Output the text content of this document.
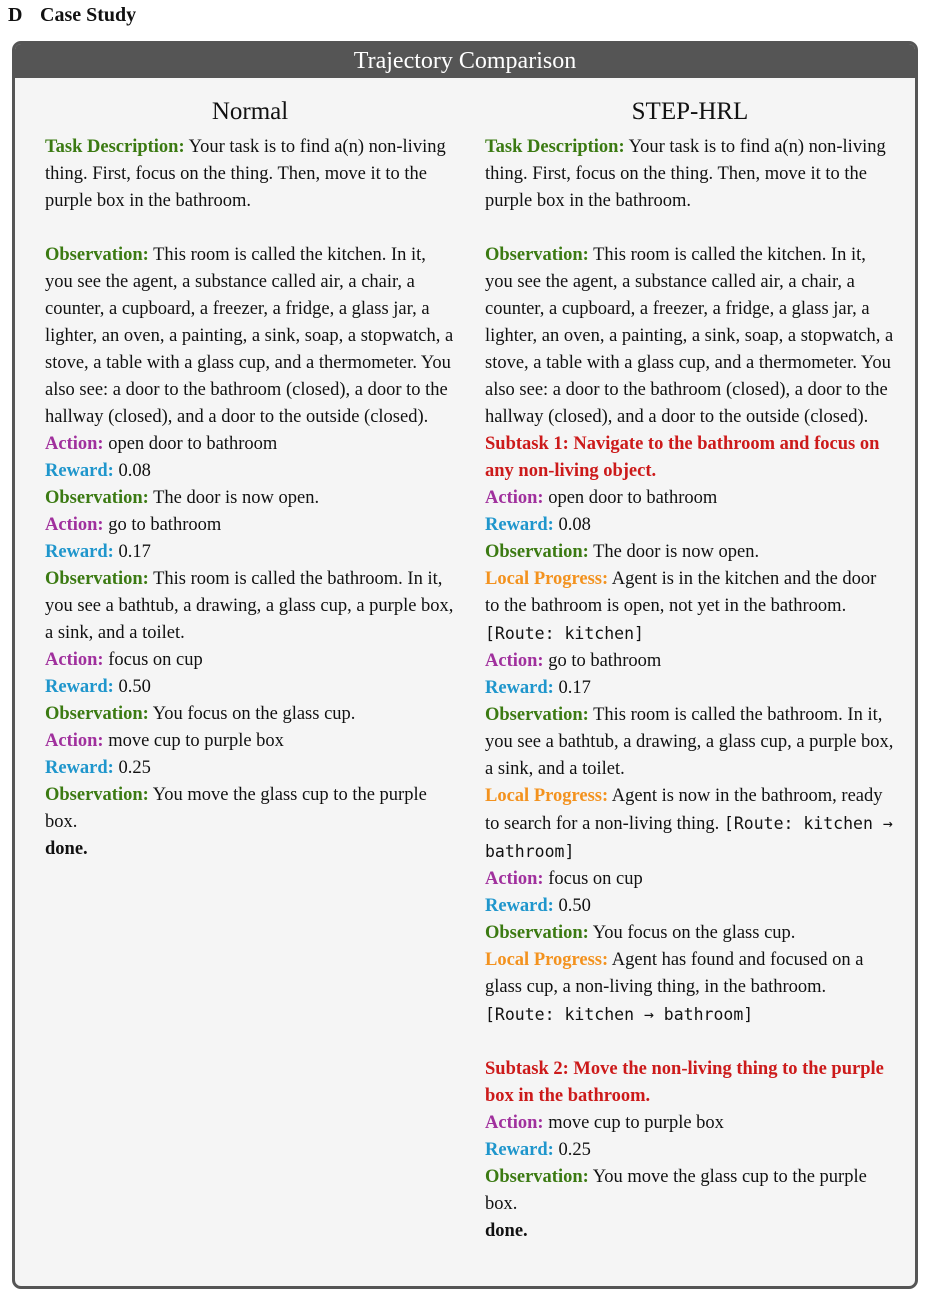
D Case Study
Trajectory Comparison
Normal

Task Description: Your task is to find a(n) non-living thing. First, focus on the thing. Then, move it to the purple box in the bathroom.

Observation: This room is called the kitchen. In it, you see the agent, a substance called air, a chair, a counter, a cupboard, a freezer, a fridge, a glass jar, a lighter, an oven, a painting, a sink, soap, a stopwatch, a stove, a table with a glass cup, and a thermometer. You also see: a door to the bathroom (closed), a door to the hallway (closed), and a door to the outside (closed).

Action: open door to bathroom

Reward: 0.08

Observation: The door is now open.

Action: go to bathroom

Reward: 0.17

Observation: This room is called the bathroom. In it, you see a bathtub, a drawing, a glass cup, a purple box, a sink, and a toilet.

Action: focus on cup

Reward: 0.50

Observation: You focus on the glass cup.

Action: move cup to purple box

Reward: 0.25

Observation: You move the glass cup to the purple box.

done.

STEP-HRL

Task Description: Your task is to find a(n) non-living thing. First, focus on the thing. Then, move it to the purple box in the bathroom.

Observation: This room is called the kitchen. In it, you see the agent, a substance called air, a chair, a counter, a cupboard, a freezer, a fridge, a glass jar, a lighter, an oven, a painting, a sink, soap, a stopwatch, a stove, a table with a glass cup, and a thermometer. You also see: a door to the bathroom (closed), a door to the hallway (closed), and a door to the outside (closed).

Subtask 1: Navigate to the bathroom and focus on any non-living object.

Action: open door to bathroom

Reward: 0.08

Observation: The door is now open.

Local Progress: Agent is in the kitchen and the door to the bathroom is open, not yet in the bathroom. [Route: kitchen]

Action: go to bathroom

Reward: 0.17

Observation: This room is called the bathroom. In it, you see a bathtub, a drawing, a glass cup, a purple box, a sink, and a toilet.

Local Progress: Agent is now in the bathroom, ready to search for a non-living thing. [Route: kitchen → bathroom]

Action: focus on cup

Reward: 0.50

Observation: You focus on the glass cup.

Local Progress: Agent has found and focused on a glass cup, a non-living thing, in the bathroom. [Route: kitchen → bathroom]

Subtask 2: Move the non-living thing to the purple box in the bathroom.

Action: move cup to purple box

Reward: 0.25

Observation: You move the glass cup to the purple box.

done.
